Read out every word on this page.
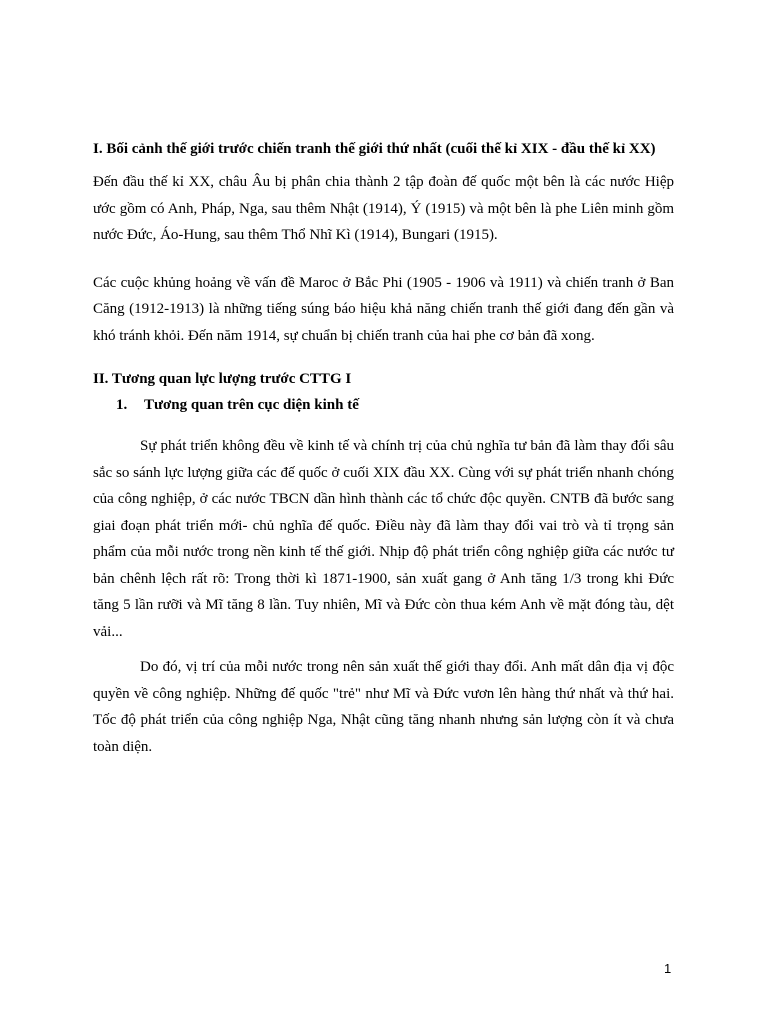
I. Bối cảnh thế giới trước chiến tranh thế giới thứ nhất (cuối thế kỉ XIX - đầu thế kỉ XX)

Đến đầu thế kỉ XX, châu Âu bị phân chia thành 2 tập đoàn đế quốc một bên là các nước Hiệp ước gồm có Anh, Pháp, Nga, sau thêm Nhật (1914), Ý (1915) và một bên là phe Liên minh gồm nước Đức, Áo-Hung, sau thêm Thổ Nhĩ Kì (1914), Bungari (1915).

Các cuộc khủng hoảng về vấn đề Maroc ở Bắc Phi (1905 - 1906 và 1911) và chiến tranh ở Ban Căng (1912-1913) là những tiếng súng báo hiệu khả năng chiến tranh thế giới đang đến gần và khó tránh khỏi. Đến năm 1914, sự chuẩn bị chiến tranh của hai phe cơ bản đã xong.

II. Tương quan lực lượng trước CTTG I

1.	Tương quan trên cục diện kinh tế

Sự phát triển không đều về kinh tế và chính trị của chủ nghĩa tư bản đã làm thay đổi sâu sắc so sánh lực lượng giữa các đế quốc ở cuối XIX đầu XX. Cùng với sự phát triển nhanh chóng của công nghiệp, ở các nước TBCN dần hình thành các tổ chức độc quyền. CNTB đã bước sang giai đoạn phát triển mới- chủ nghĩa đế quốc. Điều này đã làm thay đổi vai trò và tỉ trọng sản phẩm của mỗi nước trong nền kinh tế thế giới. Nhịp độ phát triển công nghiệp giữa các nước tư bản chênh lệch rất rõ: Trong thời kì 1871-1900, sản xuất gang ở Anh tăng 1/3 trong khi Đức tăng 5 lần rưỡi và Mĩ tăng 8 lần. Tuy nhiên, Mĩ và Đức còn thua kém Anh về mặt đóng tàu, dệt vải...

Do đó, vị trí của mỗi nước trong nên sản xuất thế giới thay đổi. Anh mất dân địa vị độc quyền về công nghiệp. Những đế quốc "trẻ" như Mĩ và Đức vươn lên hàng thứ nhất và thứ hai. Tốc độ phát triển của công nghiệp Nga, Nhật cũng tăng nhanh nhưng sản lượng còn ít và chưa toàn diện.

1
